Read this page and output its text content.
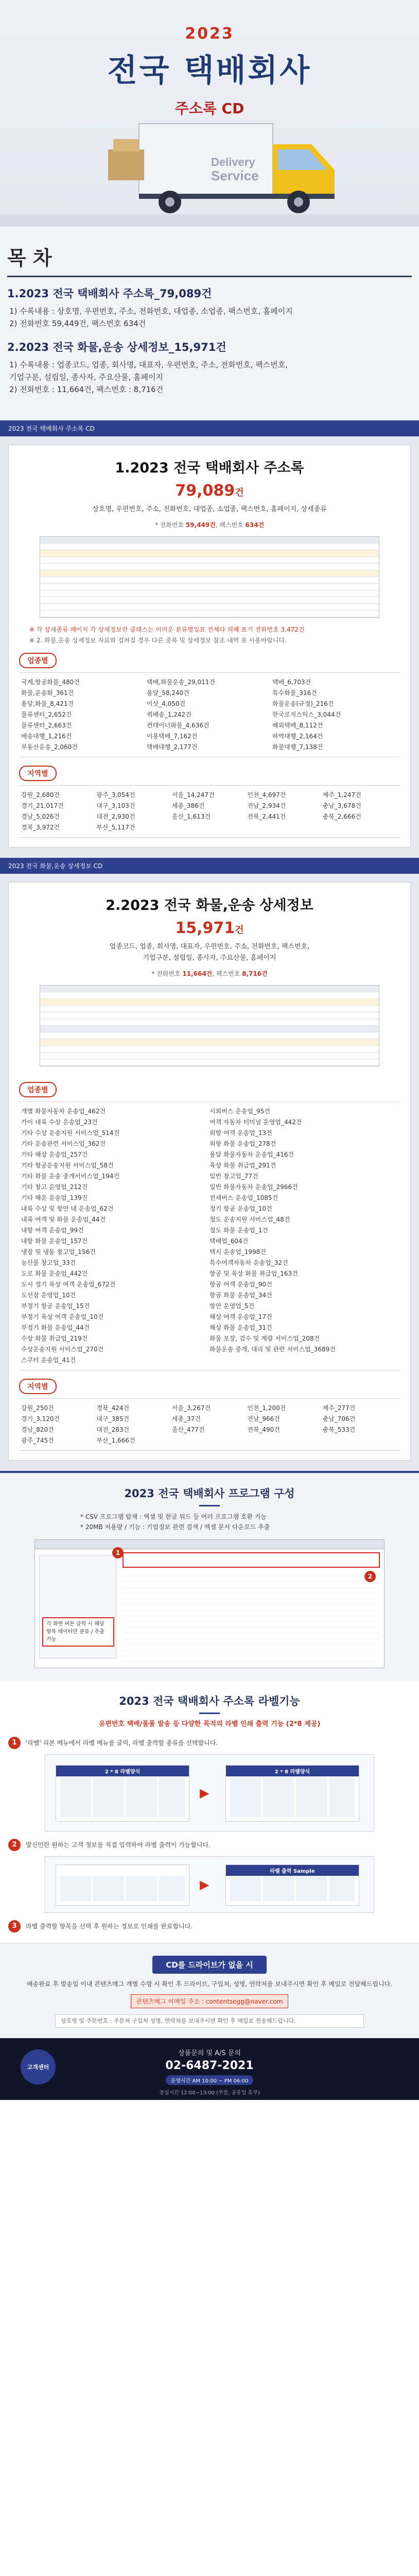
2023
전국 택배회사
주소록 CD
Delivery
Service
목 차
1.2023 전국 택배회사 주소록_79,089건

1) 수록내용 : 상호명, 우편번호, 주소, 전화번호, 대업종, 소업종, 팩스번호, 홈페이지

2) 전화번호 59,449건, 팩스번호 634건

2.2023 전국 화물,운송 상세정보_15,971건

1) 수록내용 : 업종코드, 업종, 회사명, 대표자, 우편번호, 주소, 전화번호, 팩스번호,

기업구분, 설립일, 종사자, 주요산물, 홈페이지

2) 전화번호 : 11,664건, 팩스번호 : 8,716건

2023 전국 택배회사 주소록 CD
1.2023 전국 택배회사 주소록
79,089건
상호명, 우편번호, 주소, 전화번호, 대업종, 소업종, 팩스번호, 홈페이지, 상세종류
* 전화번호 59,449건, 팩스번호 634건
※ 각 상세종류 페이지 각 상세정보란 클래스는 어려운 분류별일표 전체다 의해 표기 전화번호 3,472건
※ 2. 화물,운송 상세정보 자료와 겹쳐질 경우 다른 중복 및 상세정보 참조 내역 표 사용바랍니다.
업종별
국제,항공화물_480건	택배,화물운송_29,011건	택배_6,703건
화물,운송화_361건	용달_58,240건	특수화물_316건
용달,화물_8,421건	이삿_4,050건	화물운송(규정)_216건
물류센터_2,652건	퀵배송_1,242건	한국로지스틱스_3,044건
물류센터_2,663건	컨테이너화물_4,636건	해외택배_8,112건
배송대행_1,216건	이용택배_7,162건	하역대행_2,164건
부동산운송_2,060건	택배대행_2,177건	화물대행_7,138건
지역별
강원_2,680건	광주_3,054건	서울_14,247건	인천_4,697건	제주_1,247건
경기_21,017건	대구_3,103건	세종_386건	전남_2,934건	충남_3,678건
경남_5,026건	대전_2,930건	울산_1,613건	전북_2,441건	충북_2,666건
경북_3,972건	부산_5,117건
2023 전국 화물,운송 상세정보 CD
2.2023 전국 화물,운송 상세정보
15,971건
업종코드, 업종, 회사명, 대표자, 우편번호, 주소, 전화번호, 팩스번호,
기업구분, 설립일, 종사자, 주요산물, 홈페이지
* 전화번호 11,664건, 팩스번호 8,716건
업종별
개별 화물자동차 운송업_462건	시외버스 운송업_95건
가이 내륙 수상 운송업_23건	여객 자동차 터미널 운영업_442건
기타 수상 운송지원 서비스업_514건	외항 여객 운송업_13건
기타 운송관련 서비스업_362건	외항 화물 운송업_278건
기타 해상 운송업_257건	용달 화물자동차 운송업_416건
기타 항공운송지원 서비스업_58건	육상 화물 취급업_291건
기타 화물 운송 중개서비스업_194건	일반 창고업_77건
기타 창고 운영업_212건	일반 화물자동차 운송업_2966건
기타 해운 운송업_139건	전세버스 운송업_1085건
내륙 수상 및 항만 내 운송업_62건	정기 항공 운송업_10건
내륙 여객 및 화물 운송업_44건	철도 운송지원 서비스업_48건
내항 여객 운송업_99건	철도 화물 운송업_1건
내항 화물 운송업_157건	택배업_604건
냉장 및 냉동 창고업_156건	택시 운송업_1998건
농산물 창고업_33건	특수여객자동차 운송업_32건
도로 화물 운송업_442건	항공 및 육상 화물 취급업_163건
도시 정기 육상 여객 운송업_672건	항공 여객 운송업_90건
도선장 운영업_10건	항공 화물 운송업_34건
부정기 항공 운송업_15건	항만 운영업_5건
부정기 육상 여객 운송업_10건	해상 여객 운송업_17건
부정기 화물 운송업_44건	해상 화물 운송업_31건
수상 화물 취급업_219건	화물 포장, 검수 및 계량 서비스업_208건
수상운송지원 서비스업_270건	화물운송 중개, 대리 및 관련 서비스업_3689건
스쿠터 운송업_41건
지역별
강원_250건	경북_424건	서울_3,267건	인천_1,200건	제주_277건
경기_3,120건	대구_385건	세종_37건	전남_966건	충남_706건
경남_820건	대전_283건	울산_477건	전북_490건	충북_533건
광주_745건	부산_1,666건
2023 전국 택배회사 프로그램 구성
* CSV 프로그램 탑재 : 엑셀 및 한글 워드 등 여러 프로그램 호환 가능
* 20MB 저용량 / 기능 : 기업정보 관련 검색 / 엑셀 문서 다운로드 추출
1
2
각 화면 버튼 클릭 시 해당 항목 데이터만 분류 / 추출 가능
2023 전국 택배회사 주소록 라벨기능
유편번호 택배/물품 발송 등 다양한 목적의 라벨 인쇄 출력 기능 (2*8 제공)
1	'라벨' 리본 메뉴에서 라벨 메뉴를 클릭, 라벨 출력할 종류를 선택합니다.
2 * 8 라벨양식
▶
2 * 8 라벨양식
2	발신인란 원하는 고객 정보를 직접 입력하여 라벨 출력이 가능합니다.
▶
라벨 출력 Sample
3	라벨 출력할 항목을 선택 후 원하는 정보로 인쇄를 완료합니다.
CD를 드라이브가 없을 시

배송완료 후 발송일 이내 콘텐츠메그 개별 수령 시 확인 후 드라이브, 구입처, 성명, 연락처를 보내주시면 확인 후 메일로 전달해드립니다.

콘텐츠메그 이메일 주소 : contentsegg@naver.com
상호명 및 주문번호 : 주문처 구입처 성명, 연락처를 보내주시면 확인 후 메일로 전송해드립니다.
고객센터
상품문의 및 A/S 문의
02-6487-2021
운영시간 AM 10:00 ~ PM 06:00
점심시간 12:00~13:00 (주말, 공휴일 휴무)
